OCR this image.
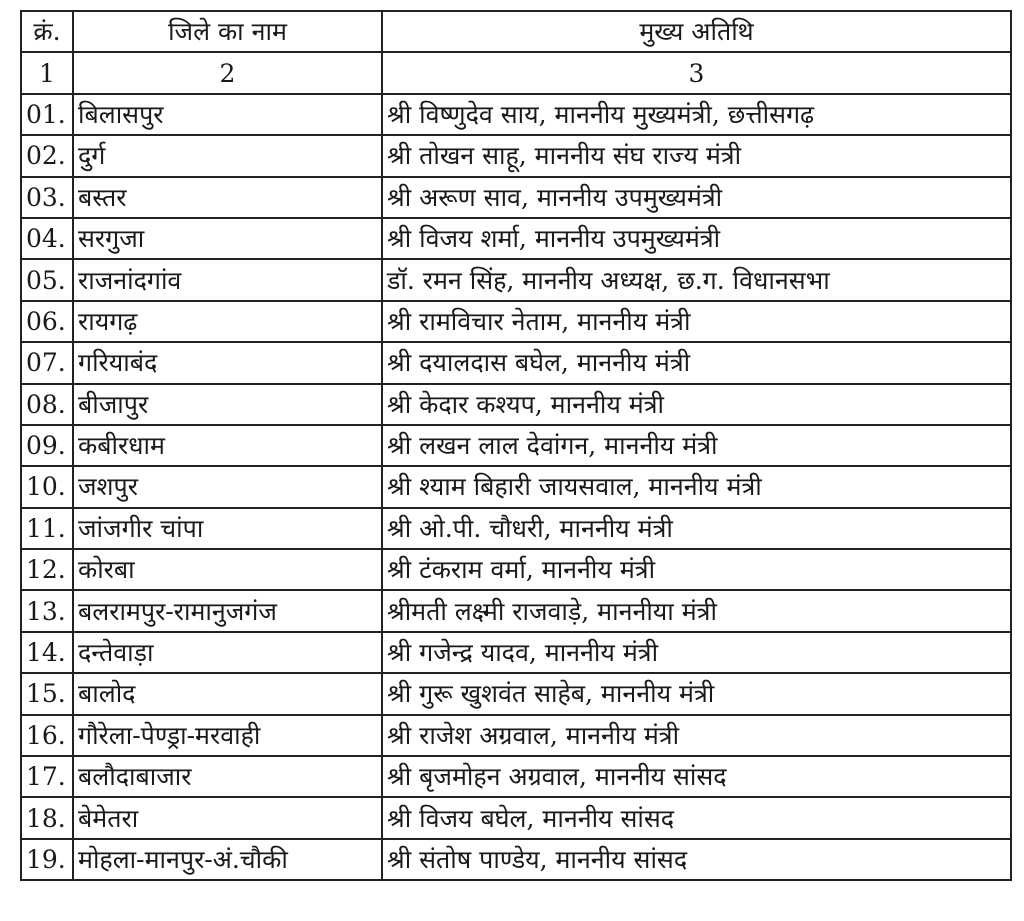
क्रं.	जिले का नाम	मुख्य अतिथि
1	2	3
01.	बिलासपुर	श्री विष्णुदेव साय, माननीय मुख्यमंत्री, छत्तीसगढ़
02.	दुर्ग	श्री तोखन साहू, माननीय संघ राज्य मंत्री
03.	बस्तर	श्री अरूण साव, माननीय उपमुख्यमंत्री
04.	सरगुजा	श्री विजय शर्मा, माननीय उपमुख्यमंत्री
05.	राजनांदगांव	डॉ. रमन सिंह, माननीय अध्यक्ष, छ.ग. विधानसभा
06.	रायगढ़	श्री रामविचार नेताम, माननीय मंत्री
07.	गरियाबंद	श्री दयालदास बघेल, माननीय मंत्री
08.	बीजापुर	श्री केदार कश्यप, माननीय मंत्री
09.	कबीरधाम	श्री लखन लाल देवांगन, माननीय मंत्री
10.	जशपुर	श्री श्याम बिहारी जायसवाल, माननीय मंत्री
11.	जांजगीर चांपा	श्री ओ.पी. चौधरी, माननीय मंत्री
12.	कोरबा	श्री टंकराम वर्मा, माननीय मंत्री
13.	बलरामपुर-रामानुजगंज	श्रीमती लक्ष्मी राजवाड़े, माननीया मंत्री
14.	दन्तेवाड़ा	श्री गजेन्द्र यादव, माननीय मंत्री
15.	बालोद	श्री गुरू खुशवंत साहेब, माननीय मंत्री
16.	गौरेला-पेण्ड्रा-मरवाही	श्री राजेश अग्रवाल, माननीय मंत्री
17.	बलौदाबाजार	श्री बृजमोहन अग्रवाल, माननीय सांसद
18.	बेमेतरा	श्री विजय बघेल, माननीय सांसद
19.	मोहला-मानपुर-अं.चौकी	श्री संतोष पाण्डेय, माननीय सांसद
